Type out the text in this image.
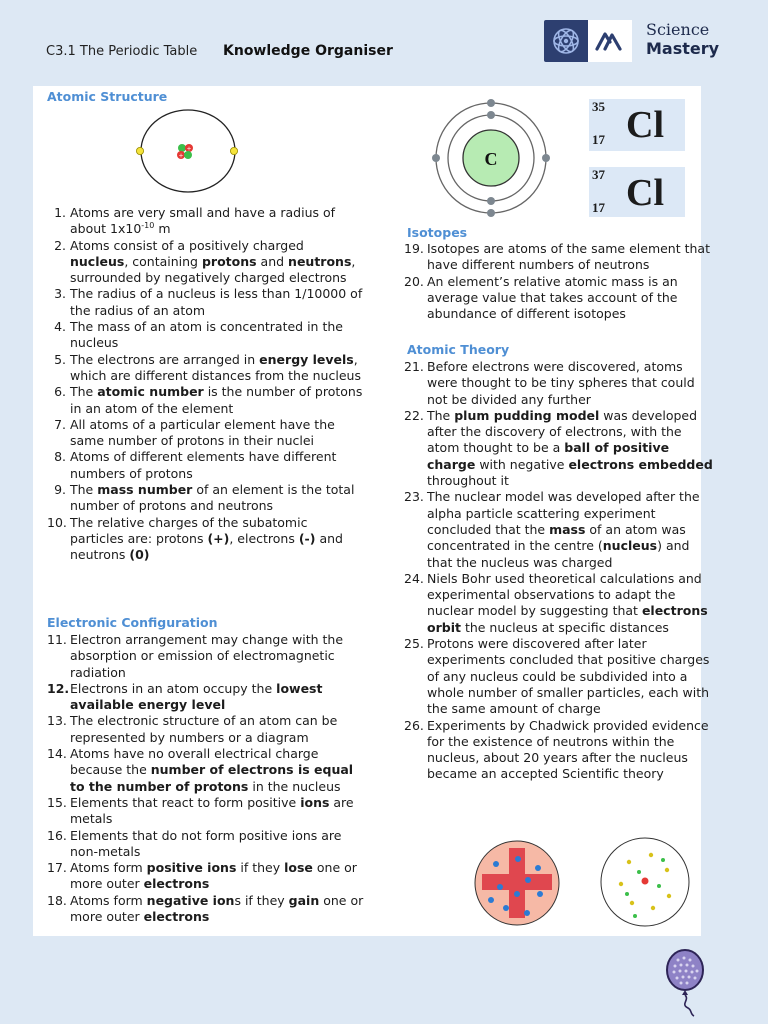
C3.1 The Periodic Table Knowledge Organiser
Science
Mastery
Atomic Structure
+
+
1. Atoms are very small and have a radius of about $1x10^{-10}$ m
2. Atoms consist of a positively charged nucleus, containing protons and neutrons, surrounded by negatively charged electrons
3. The radius of a nucleus is less than 1/10000 of the radius of an atom
4. The mass of an atom is concentrated in the nucleus
5. The electrons are arranged in energy levels, which are different distances from the nucleus
6. The atomic number is the number of protons in an atom of the element
7. All atoms of a particular element have the same number of protons in their nuclei
8. Atoms of different elements have different numbers of protons
9. The mass number of an element is the total number of protons and neutrons
10. The relative charges of the subatomic particles are: protons (+), electrons (-) and neutrons (0)
Electronic Configuration
11. Electron arrangement may change with the absorption or emission of electromagnetic radiation
12. Electrons in an atom occupy the lowest available energy level
13. The electronic structure of an atom can be represented by numbers or a diagram
14. Atoms have no overall electrical charge because the number of electrons is equal to the number of protons in the nucleus
15. Elements that react to form positive ions are metals
16. Elements that do not form positive ions are non-metals
17. Atoms form positive ions if they lose one or more outer electrons
18. Atoms form negative ions if they gain one or more outer electrons
C
35
17 Cl
37
17 Cl
Isotopes
19. Isotopes are atoms of the same element that have different numbers of neutrons
20. An element’s relative atomic mass is an average value that takes account of the abundance of different isotopes
Atomic Theory
21. Before electrons were discovered, atoms were thought to be tiny spheres that could not be divided any further
22. The plum pudding model was developed after the discovery of electrons, with the atom thought to be a ball of positive charge with negative electrons embedded throughout it
23. The nuclear model was developed after the alpha particle scattering experiment concluded that the mass of an atom was concentrated in the centre (nucleus) and that the nucleus was charged
24. Niels Bohr used theoretical calculations and experimental observations to adapt the nuclear model by suggesting that electrons orbit the nucleus at specific distances
25. Protons were discovered after later experiments concluded that positive charges of any nucleus could be subdivided into a whole number of smaller particles, each with the same amount of charge
26. Experiments by Chadwick provided evidence for the existence of neutrons within the nucleus, about 20 years after the nucleus became an accepted Scientific theory
